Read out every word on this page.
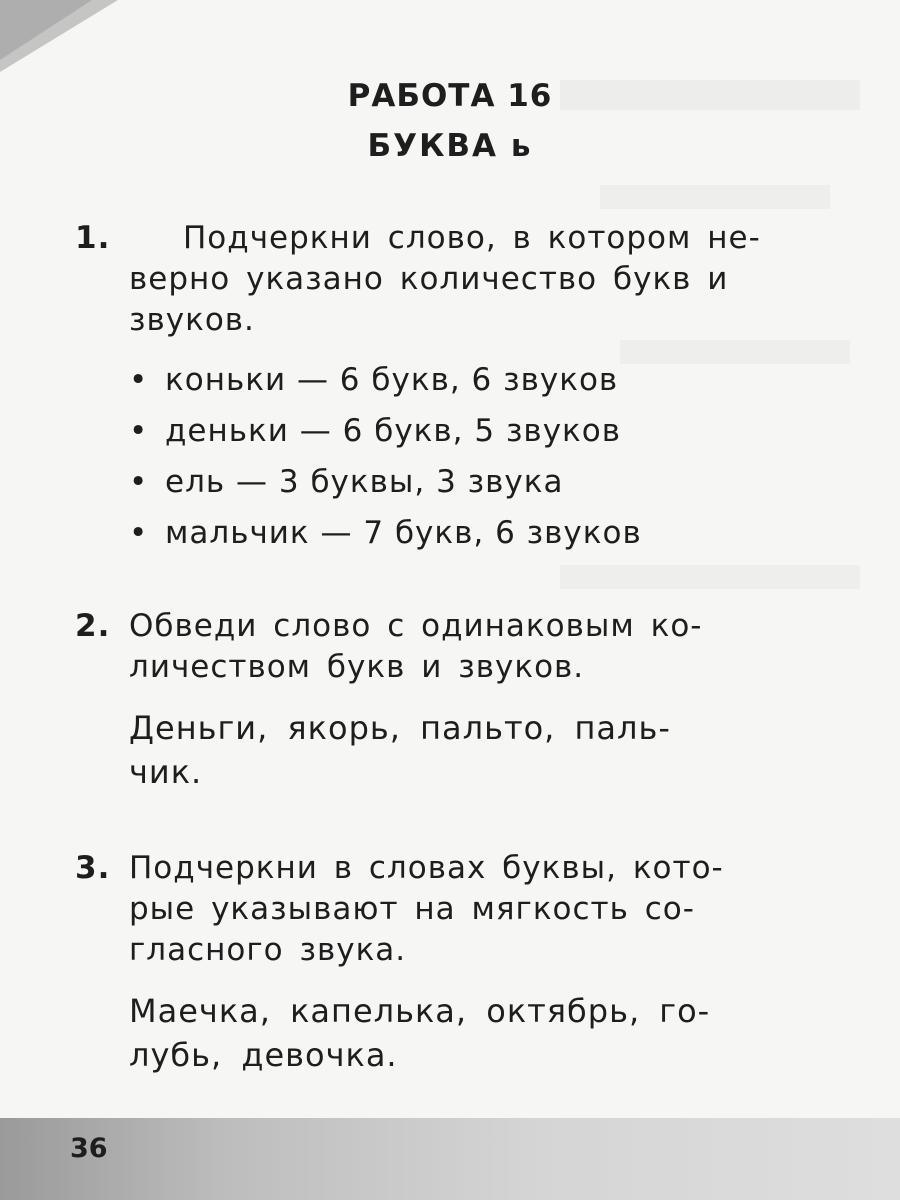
РАБОТА 16
БУКВА ь
1. Подчеркни слово, в котором не-
верно указано количество букв и
звуков.
• коньки — 6 букв, 6 звуков
• деньки — 6 букв, 5 звуков
• ель — 3 буквы, 3 звука
• мальчик — 7 букв, 6 звуков
2. Обведи слово с одинаковым ко-
личеством букв и звуков.
Деньги, якорь, пальто, паль-
чик.
3. Подчеркни в словах буквы, кото-
рые указывают на мягкость со-
гласного звука.
Маечка, капелька, октябрь, го-
лубь, девочка.
36
